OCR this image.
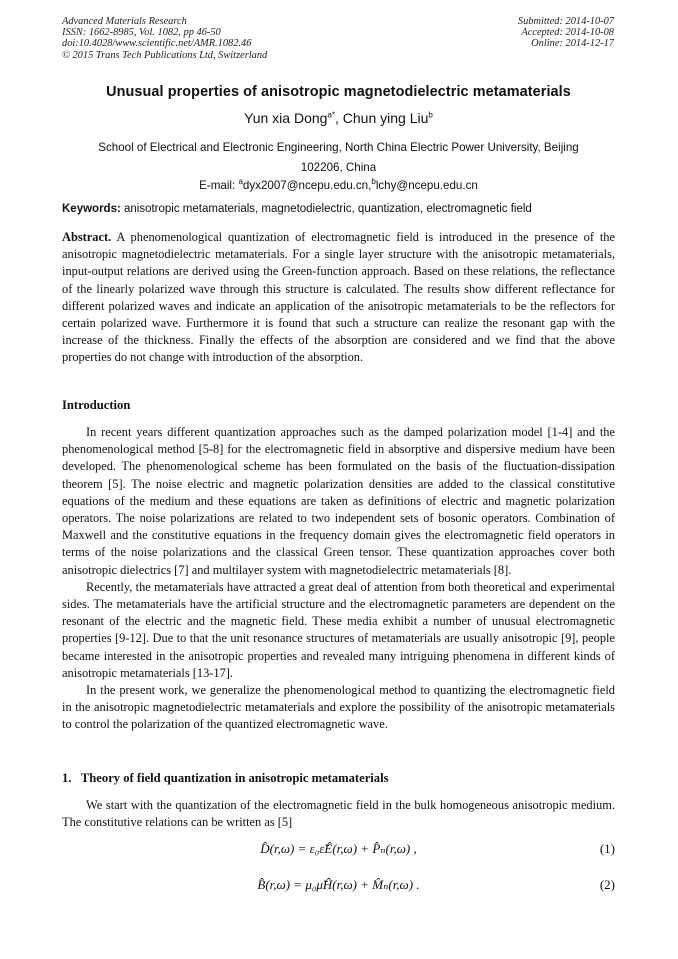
Advanced Materials Research
ISSN: 1662-8985, Vol. 1082, pp 46-50
doi:10.4028/www.scientific.net/AMR.1082.46
© 2015 Trans Tech Publications Ltd, Switzerland
Submitted: 2014-10-07
Accepted: 2014-10-08
Online: 2014-12-17
Unusual properties of anisotropic magnetodielectric metamaterials
Yun xia Dong$^{a*}$, Chun ying Liu$^b$
School of Electrical and Electronic Engineering, North China Electric Power University, Beijing
102206, China
E-mail: $^a$dyx2007@ncepu.edu.cn,$^b$lchy@ncepu.edu.cn
Keywords: anisotropic metamaterials, magnetodielectric, quantization, electromagnetic field

Abstract. A phenomenological quantization of electromagnetic field is introduced in the presence of the anisotropic magnetodielectric metamaterials. For a single layer structure with the anisotropic metamaterials, input-output relations are derived using the Green-function approach. Based on these relations, the reflectance of the linearly polarized wave through this structure is calculated. The results show different reflectance for different polarized waves and indicate an application of the anisotropic metamaterials to be the reflectors for certain polarized wave. Furthermore it is found that such a structure can realize the resonant gap with the increase of the thickness. Finally the effects of the absorption are considered and we find that the above properties do not change with introduction of the absorption.

Introduction

In recent years different quantization approaches such as the damped polarization model [1-4] and the phenomenological method [5-8] for the electromagnetic field in absorptive and dispersive medium have been developed. The phenomenological scheme has been formulated on the basis of the fluctuation-dissipation theorem [5]. The noise electric and magnetic polarization densities are added to the classical constitutive equations of the medium and these equations are taken as definitions of electric and magnetic polarization operators. The noise polarizations are related to two independent sets of bosonic operators. Combination of Maxwell and the constitutive equations in the frequency domain gives the electromagnetic field operators in terms of the noise polarizations and the classical Green tensor. These quantization approaches cover both anisotropic dielectrics [7] and multilayer system with magnetodielectric metamaterials [8].

Recently, the metamaterials have attracted a great deal of attention from both theoretical and experimental sides. The metamaterials have the artificial structure and the electromagnetic parameters are dependent on the resonant of the electric and the magnetic field. These media exhibit a number of unusual electromagnetic properties [9-12]. Due to that the unit resonance structures of metamaterials are usually anisotropic [9], people became interested in the anisotropic properties and revealed many intriguing phenomena in different kinds of anisotropic metamaterials [13-17].

In the present work, we generalize the phenomenological method to quantizing the electromagnetic field in the anisotropic magnetodielectric metamaterials and explore the possibility of the anisotropic metamaterials to control the polarization of the quantized electromagnetic wave.

1. Theory of field quantization in anisotropic metamaterials

We start with the quantization of the electromagnetic field in the bulk homogeneous anisotropic medium. The constitutive relations can be written as [5]

D̂(r,ω) = ε₀ε̈Ê(r,ω) + P̂ₙ(r,ω) ,	(1)
B̂(r,ω) = μ₀μ̈Ĥ(r,ω) + M̂ₙ(r,ω) .	(2)
